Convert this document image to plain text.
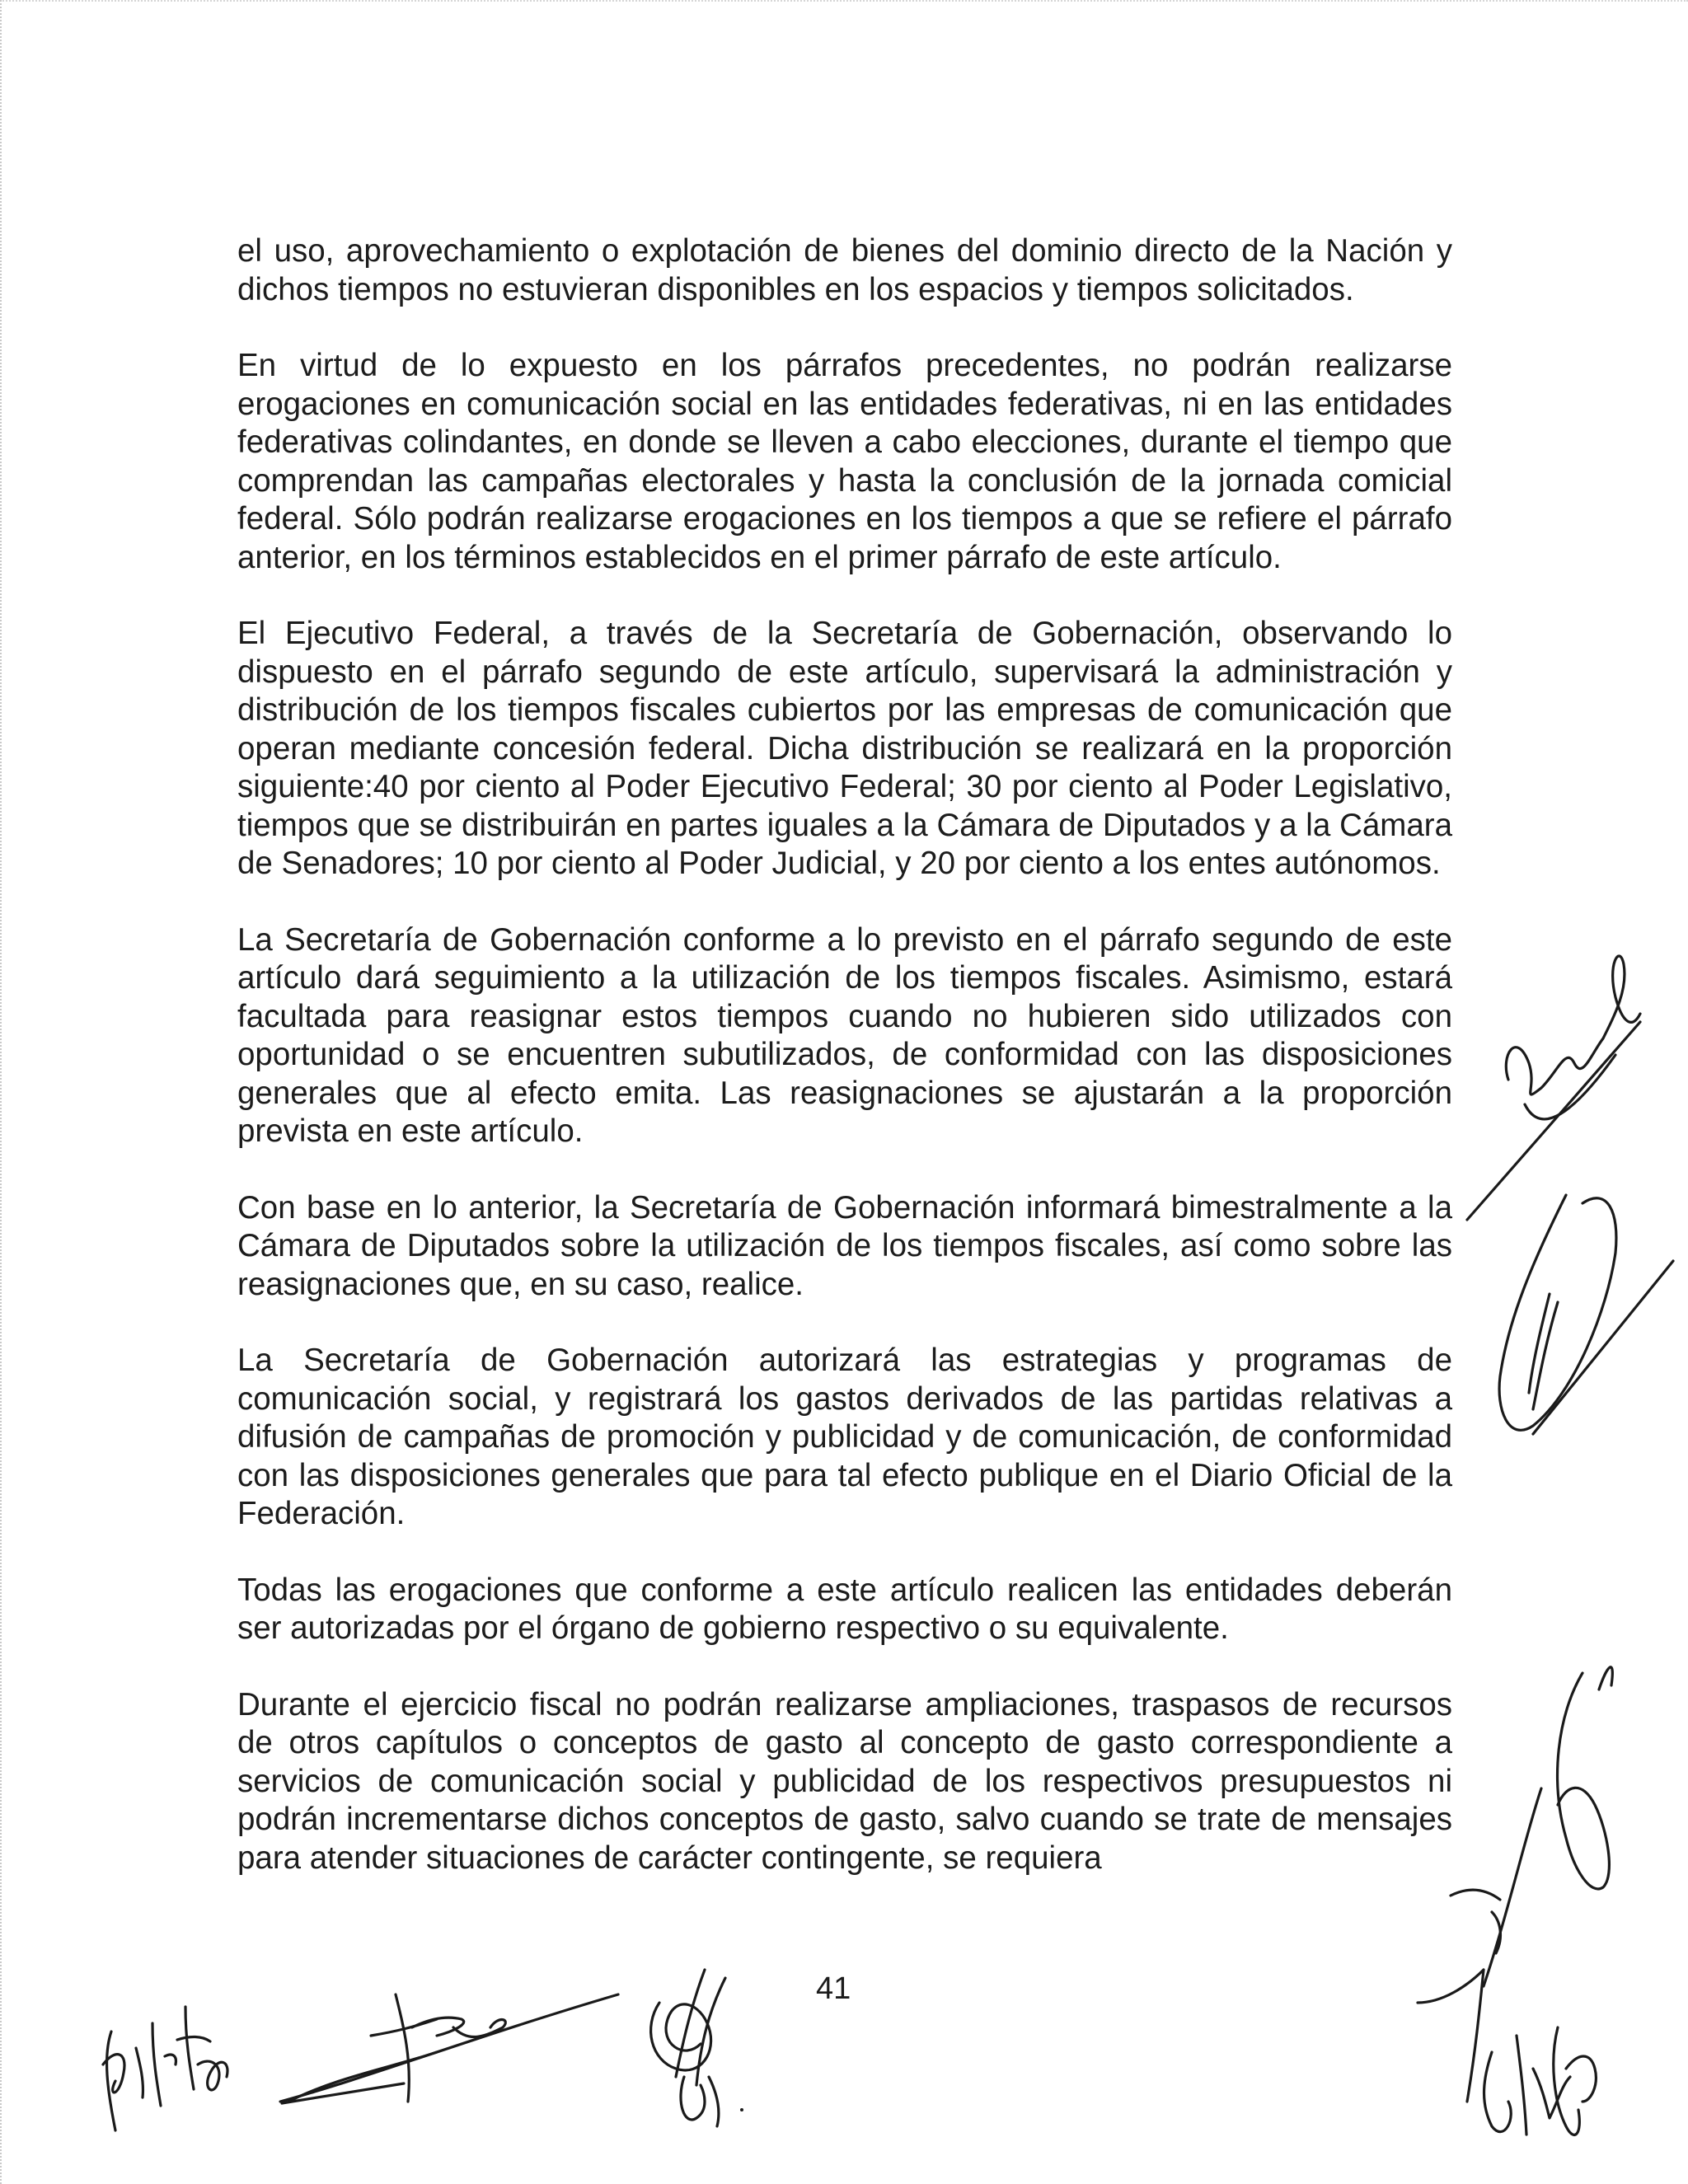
el uso, aprovechamiento o explotación de bienes del dominio directo de la Nación y dichos tiempos no estuvieran disponibles en los espacios y tiempos solicitados.

En virtud de lo expuesto en los párrafos precedentes, no podrán realizarse erogaciones en comunicación social en las entidades federativas, ni en las entidades federativas colindantes, en donde se lleven a cabo elecciones, durante el tiempo que comprendan las campañas electorales y hasta la conclusión de la jornada comicial federal. Sólo podrán realizarse erogaciones en los tiempos a que se refiere el párrafo anterior, en los términos establecidos en el primer párrafo de este artículo.

El Ejecutivo Federal, a través de la Secretaría de Gobernación, observando lo dispuesto en el párrafo segundo de este artículo, supervisará la administración y distribución de los tiempos fiscales cubiertos por las empresas de comunicación que operan mediante concesión federal. Dicha distribución se realizará en la proporción siguiente:40 por ciento al Poder Ejecutivo Federal; 30 por ciento al Poder Legislativo, tiempos que se distribuirán en partes iguales a la Cámara de Diputados y a la Cámara de Senadores; 10 por ciento al Poder Judicial, y 20 por ciento a los entes autónomos.

La Secretaría de Gobernación conforme a lo previsto en el párrafo segundo de este artículo dará seguimiento a la utilización de los tiempos fiscales. Asimismo, estará facultada para reasignar estos tiempos cuando no hubieren sido utilizados con oportunidad o se encuentren subutilizados, de conformidad con las disposiciones generales que al efecto emita. Las reasignaciones se ajustarán a la proporción prevista en este artículo.

Con base en lo anterior, la Secretaría de Gobernación informará bimestralmente a la Cámara de Diputados sobre la utilización de los tiempos fiscales, así como sobre las reasignaciones que, en su caso, realice.

La Secretaría de Gobernación autorizará las estrategias y programas de comunicación social, y registrará los gastos derivados de las partidas relativas a difusión de campañas de promoción y publicidad y de comunicación, de conformidad con las disposiciones generales que para tal efecto publique en el Diario Oficial de la Federación.

Todas las erogaciones que conforme a este artículo realicen las entidades deberán ser autorizadas por el órgano de gobierno respectivo o su equivalente.

Durante el ejercicio fiscal no podrán realizarse ampliaciones, traspasos de recursos de otros capítulos o conceptos de gasto al concepto de gasto correspondiente a servicios de comunicación social y publicidad de los respectivos presupuestos ni podrán incrementarse dichos conceptos de gasto, salvo cuando se trate de mensajes para atender situaciones de carácter contingente, se requiera

41
